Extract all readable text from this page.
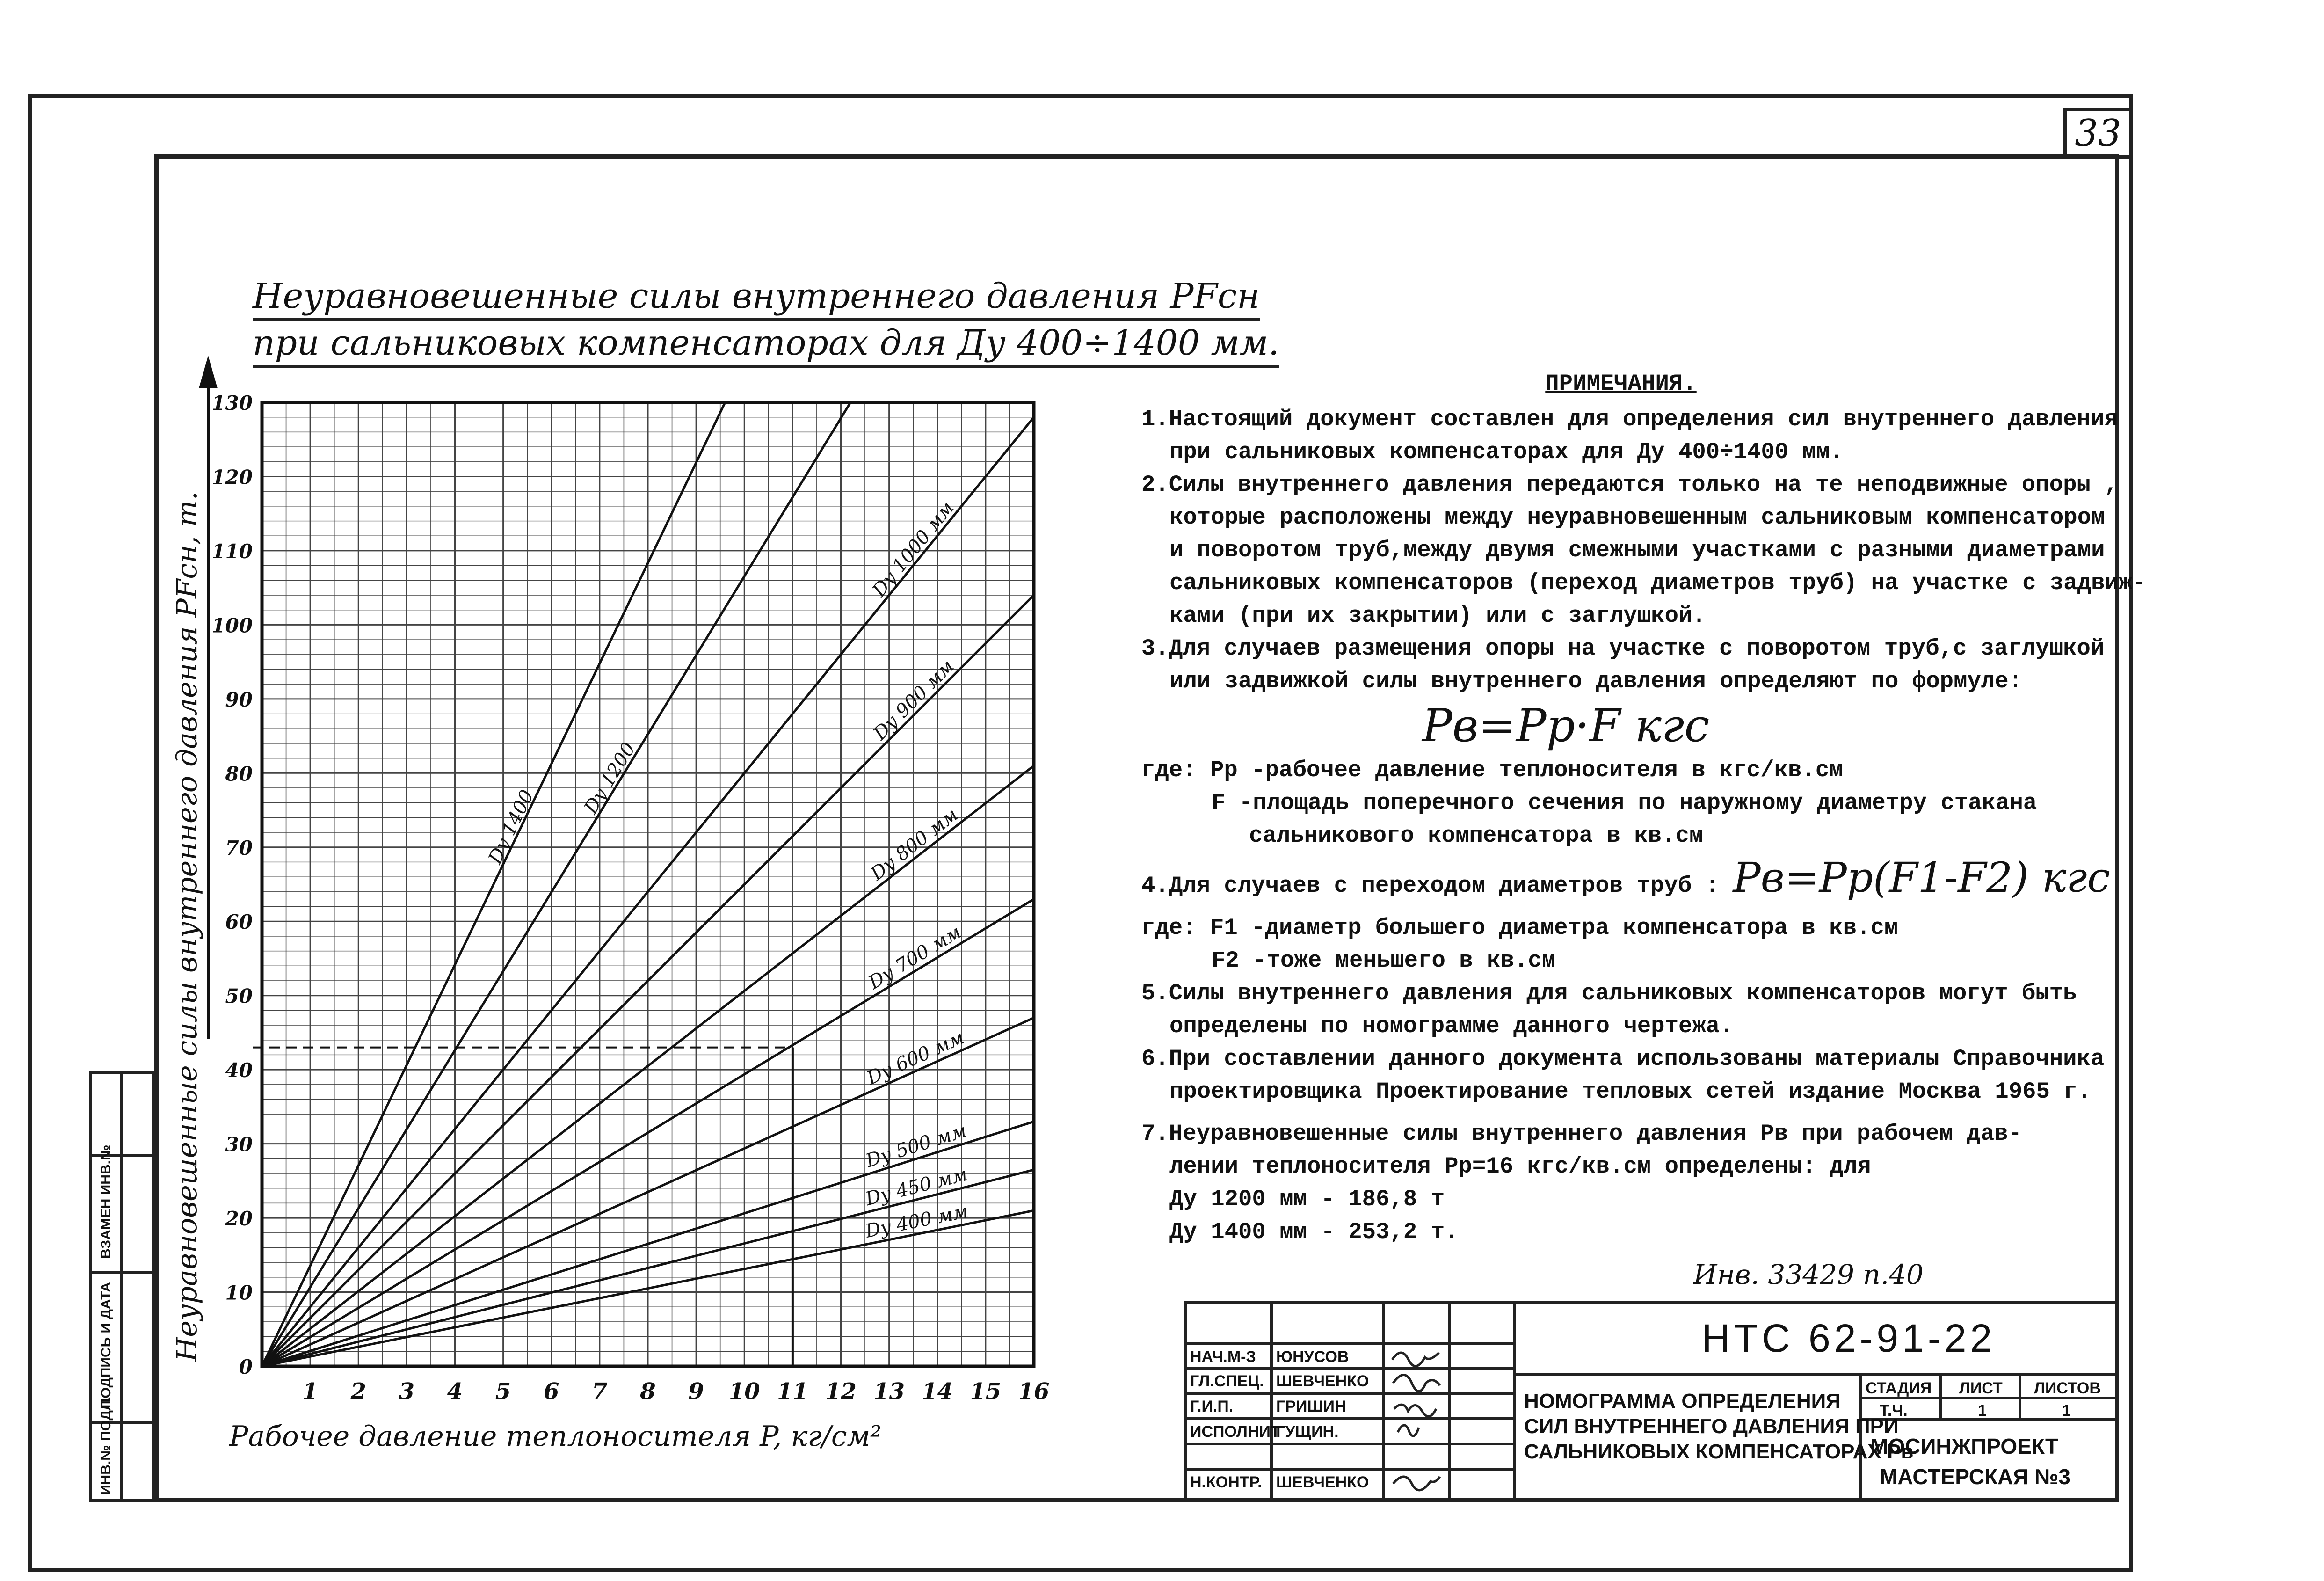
33
Неуравновешенные силы внутреннего давления PFсн
при сальниковых компенсаторах для Ду 400÷1400 мм.
1 2 3 4 5 6 7 8 9 10 11 12 13 14 15 16
0
10
20
30
40
50
60
70
80
90
100
110
120
130
Dy 1400
Dy 1200
Dy 1000 мм
Dy 900 мм
Dy 800 мм
Dy 700 мм
Dy 600 мм
Dy 500 мм
Dy 450 мм
Dy 400 мм
Рабочее давление теплоносителя P, кг/см²
Неуравновешенные силы внутреннего давления PFсн, т.

ПРИМЕЧАНИЯ.

1.Настоящий документ составлен для определения сил внутреннего давления

при сальниковых компенсаторах для Ду 400÷1400 мм.

2.Силы внутреннего давления передаются только на те неподвижные опоры ,

которые расположены между неуравновешенным сальниковым компенсатором

и поворотом труб,между двумя смежными участками с разными диаметрами

сальниковых компенсаторов (переход диаметров труб) на участке с задвиж-

ками (при их закрытии) или с заглушкой.

3.Для случаев размещения опоры на участке с поворотом труб,с заглушкой

или задвижкой силы внутреннего давления определяют по формуле:

Pв=Pр·F кгс

где: Pр -рабочее давление теплоносителя в кгс/кв.см

F -площадь поперечного сечения по наружному диаметру стакана

сальникового компенсатора в кв.см

4.Для случаев с переходом диаметров труб : Pв=Pр(F1-F2) кгс

где: F1 -диаметр большего диаметра компенсатора в кв.см

F2 -тоже меньшего в кв.см

5.Силы внутреннего давления для сальниковых компенсаторов могут быть

определены по номограмме данного чертежа.

6.При составлении данного документа использованы материалы Справочника

проектировщика Проектирование тепловых сетей издание Москва 1965 г.

7.Неуравновешенные силы внутреннего давления Pв при рабочем дав-

лении теплоносителя Pр=16 кгс/кв.см определены: для

Ду 1200 мм - 186,8 т

Ду 1400 мм - 253,2 т.

Инв. 33429 п.40
НТС 62-91-22
НАЧ.М-З
ГЛ.СПЕЦ.
Г.И.П.
ИСПОЛНИТ
Н.КОНТР.
ЮНУСОВ
ШЕВЧЕНКО
ГРИШИН
ГУЩИН.
ШЕВЧЕНКО
НОМОГРАММА ОПРЕДЕЛЕНИЯ
СИЛ ВНУТРЕННЕГО ДАВЛЕНИЯ ПРИ
САЛЬНИКОВЫХ КОМПЕНСАТОРАХ Pв
СТАДИЯ ЛИСТ ЛИСТОВ
Т.Ч.	1	1
МОСИНЖПРОЕКТ
МАСТЕРСКАЯ №3
ИНВ.№ ПОДЛ.
ПОДПИСЬ И ДАТА
ВЗАМЕН ИНВ.№
